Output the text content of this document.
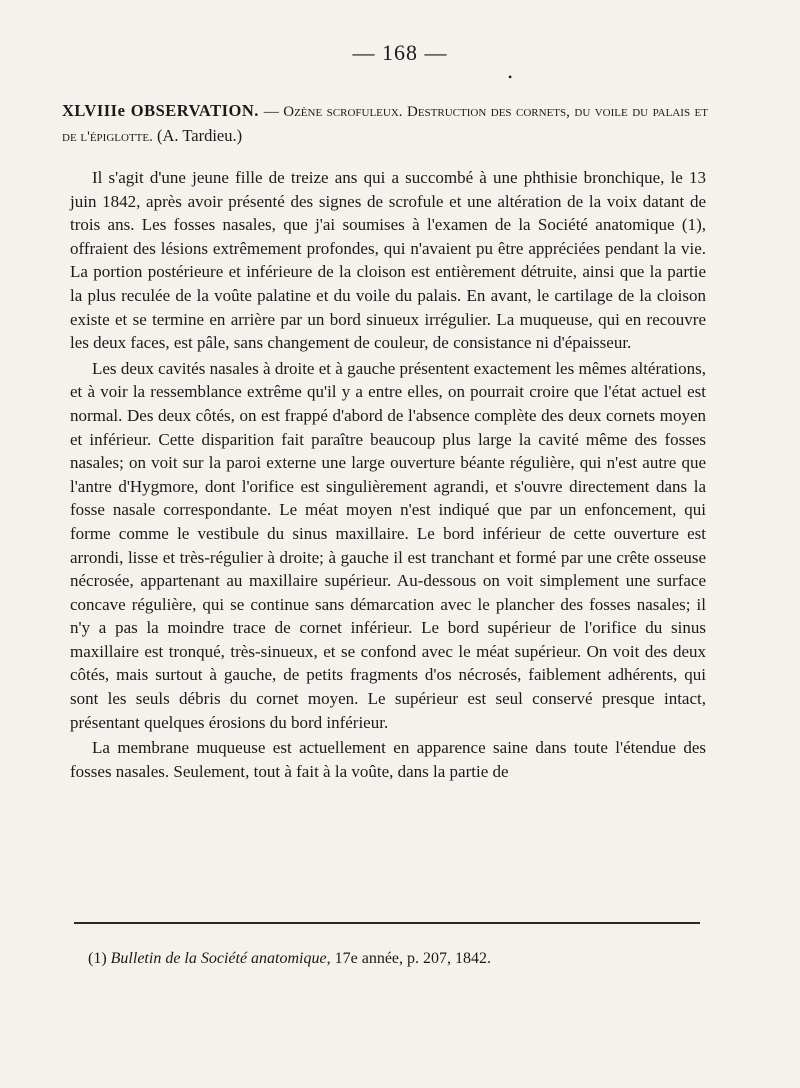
— 168 —
•
XLVIIIe OBSERVATION. — Ozène scrofuleux. Destruction des cornets, du voile du palais et de l'épiglotte. (A. Tardieu.)

Il s'agit d'une jeune fille de treize ans qui a succombé à une phthisie bronchique, le 13 juin 1842, après avoir présenté des signes de scrofule et une altération de la voix datant de trois ans. Les fosses nasales, que j'ai soumises à l'examen de la Société anatomique (1), offraient des lésions extrêmement profondes, qui n'avaient pu être appréciées pendant la vie. La portion postérieure et inférieure de la cloison est entièrement détruite, ainsi que la partie la plus reculée de la voûte palatine et du voile du palais. En avant, le cartilage de la cloison existe et se termine en arrière par un bord sinueux irrégulier. La muqueuse, qui en recouvre les deux faces, est pâle, sans changement de couleur, de consistance ni d'épaisseur.

Les deux cavités nasales à droite et à gauche présentent exactement les mêmes altérations, et à voir la ressemblance extrême qu'il y a entre elles, on pourrait croire que l'état actuel est normal. Des deux côtés, on est frappé d'abord de l'absence complète des deux cornets moyen et inférieur. Cette disparition fait paraître beaucoup plus large la cavité même des fosses nasales; on voit sur la paroi externe une large ouverture béante régulière, qui n'est autre que l'antre d'Hygmore, dont l'orifice est singulièrement agrandi, et s'ouvre directement dans la fosse nasale correspondante. Le méat moyen n'est indiqué que par un enfoncement, qui forme comme le vestibule du sinus maxillaire. Le bord inférieur de cette ouverture est arrondi, lisse et très-régulier à droite; à gauche il est tranchant et formé par une crête osseuse nécrosée, appartenant au maxillaire supérieur. Au-dessous on voit simplement une surface concave régulière, qui se continue sans démarcation avec le plancher des fosses nasales; il n'y a pas la moindre trace de cornet inférieur. Le bord supérieur de l'orifice du sinus maxillaire est tronqué, très-sinueux, et se confond avec le méat supérieur. On voit des deux côtés, mais surtout à gauche, de petits fragments d'os nécrosés, faiblement adhérents, qui sont les seuls débris du cornet moyen. Le supérieur est seul conservé presque intact, présentant quelques érosions du bord inférieur.

La membrane muqueuse est actuellement en apparence saine dans toute l'étendue des fosses nasales. Seulement, tout à fait à la voûte, dans la partie de

(1) Bulletin de la Société anatomique, 17e année, p. 207, 1842.
